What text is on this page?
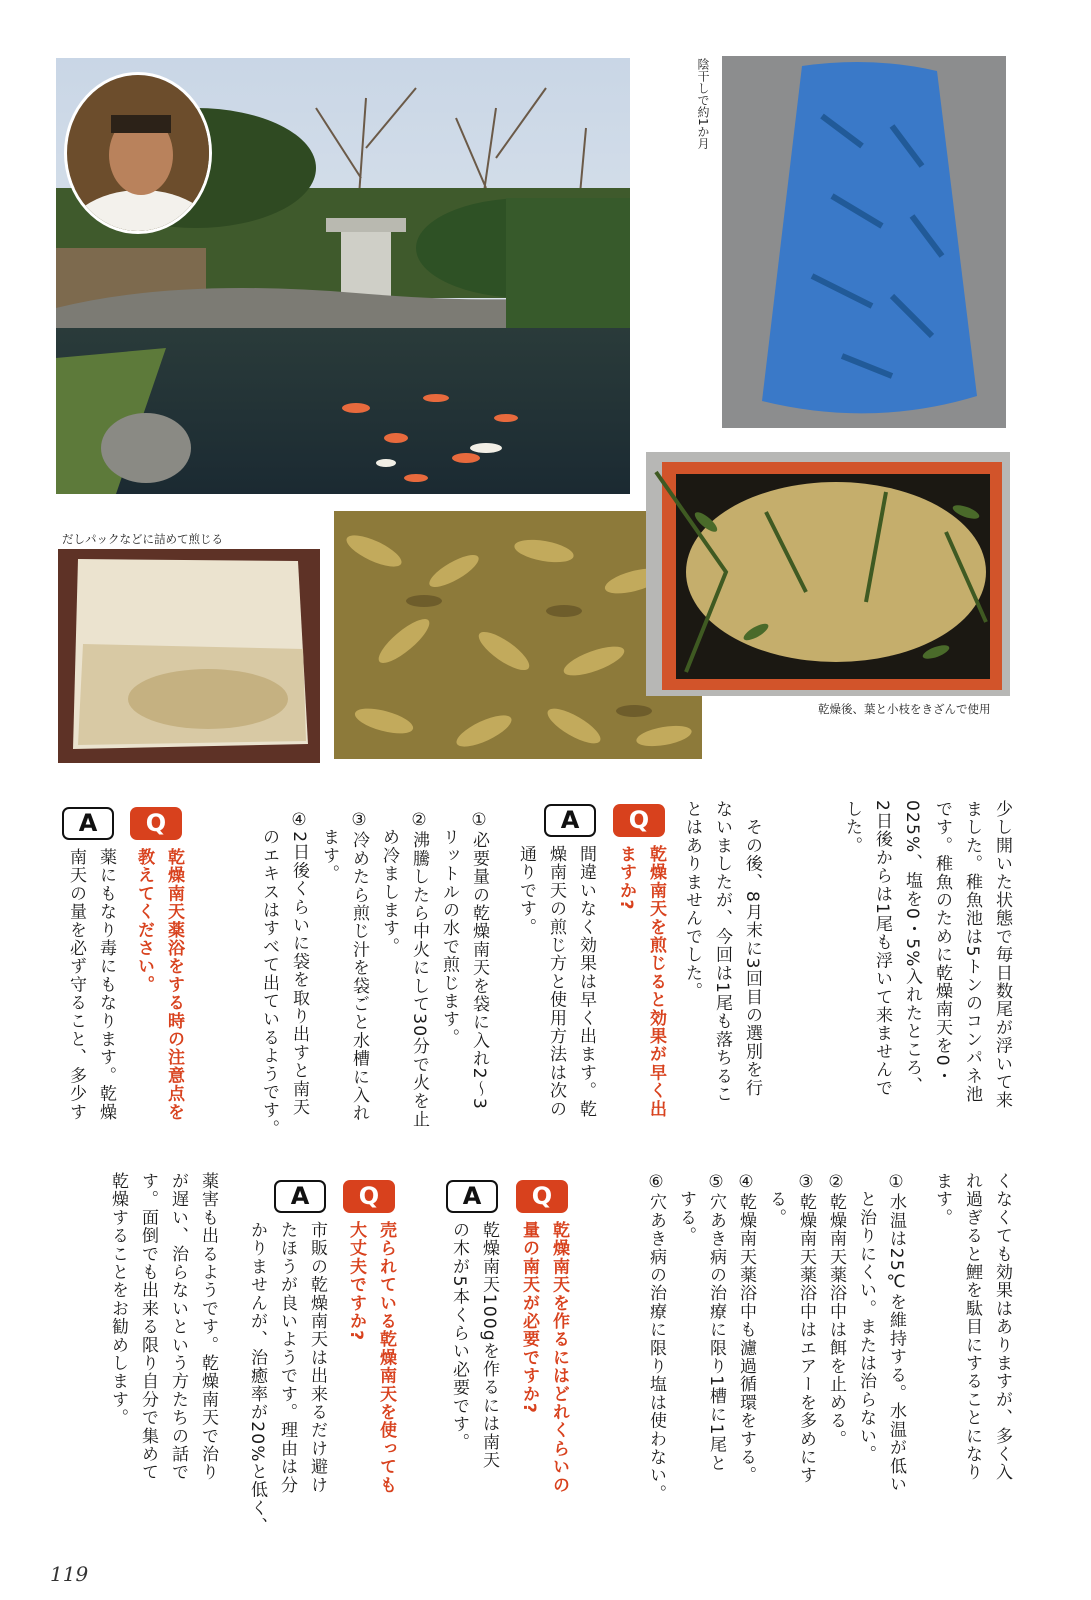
陰干しで約1か月
だしパックなどに詰めて煎じる
乾燥後、葉と小枝をきざんで使用
少し開いた状態で毎日数尾が浮いて来
ました。稚魚池は5トンのコンパネ池
です。稚魚のために乾燥南天を0・
025%、塩を0・5%入れたところ、
2日後からは1尾も浮いて来ませんで
した。
　その後、8月末に3回目の選別を行
ないましたが、今回は1尾も落ちるこ
とはありませんでした。
Q
乾燥南天を煎じると効果が早く出
ますか?
A
間違いなく効果は早く出ます。乾
燥南天の煎じ方と使用方法は次の
通りです。
①必要量の乾燥南天を袋に入れ2〜3
　リットルの水で煎じます。
②沸騰したら中火にして30分で火を止
　め冷まします。
③冷めたら煎じ汁を袋ごと水槽に入れ
　ます。
④2日後くらいに袋を取り出すと南天
　のエキスはすべて出ているようです。
Q
乾燥南天薬浴をする時の注意点を
教えてください。
A
薬にもなり毒にもなります。乾燥
南天の量を必ず守ること、多少す
くなくても効果はありますが、多く入
れ過ぎると鯉を駄目にすることになり
ます。
①水温は25℃を維持する。水温が低い
　と治りにくい。または治らない。
②乾燥南天薬浴中は餌を止める。
③乾燥南天薬浴中はエアーを多めにす
　る。
④乾燥南天薬浴中も濾過循環をする。
⑤穴あき病の治療に限り1槽に1尾と
　する。
⑥穴あき病の治療に限り塩は使わない。
Q
乾燥南天を作るにはどれくらいの
量の南天が必要ですか?
A
乾燥南天100gを作るには南天
の木が5本くらい必要です。
Q
売られている乾燥南天を使っても
大丈夫ですか?
A
市販の乾燥南天は出来るだけ避け
たほうが良いようです。理由は分
かりませんが、治癒率が20%と低く、
薬害も出るようです。乾燥南天で治り
が遅い、治らないという方たちの話で
す。面倒でも出来る限り自分で集めて
乾燥することをお勧めします。
119
